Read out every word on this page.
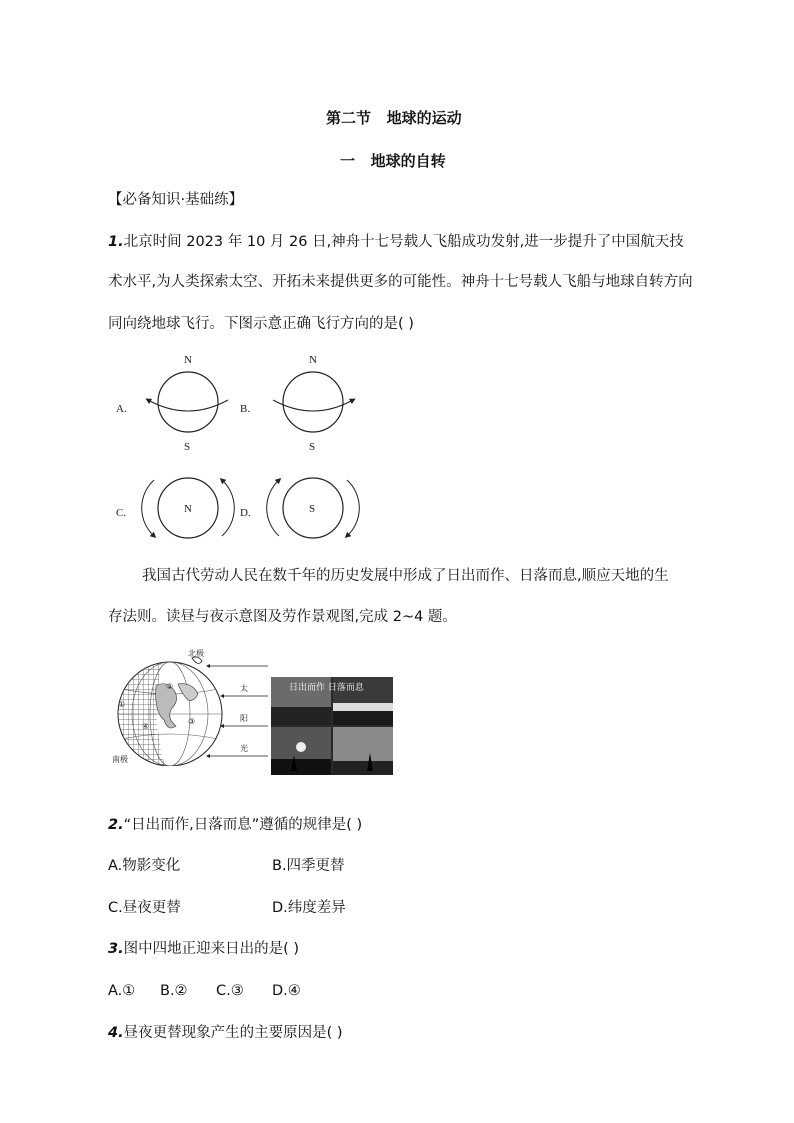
第二节   地球的运动
一   地球的自转
【必备知识·基础练】
1.北京时间 2023 年 10 月 26 日,神舟十七号载人飞船成功发射,进一步提升了中国航天技
术水平,为人类探索太空、开拓未来提供更多的可能性。神舟十七号载人飞船与地球自转方向
同向绕地球飞行。下图示意正确飞行方向的是( )
A.
N
S
B.
N
S
C.	N	D.	S
我国古代劳动人民在数千年的历史发展中形成了日出而作、日落而息,顺应天地的生
存法则。读昼与夜示意图及劳作景观图,完成 2~4 题。
北极
南极
①
②
③
④
太
阳
光
日出而作 日落而息
2.“日出而作,日落而息”遵循的规律是( )
A.物影变化	B.四季更替
C.昼夜更替	D.纬度差异
3.图中四地正迎来日出的是( )
A.① B.② C.③ D.④
4.昼夜更替现象产生的主要原因是( )
